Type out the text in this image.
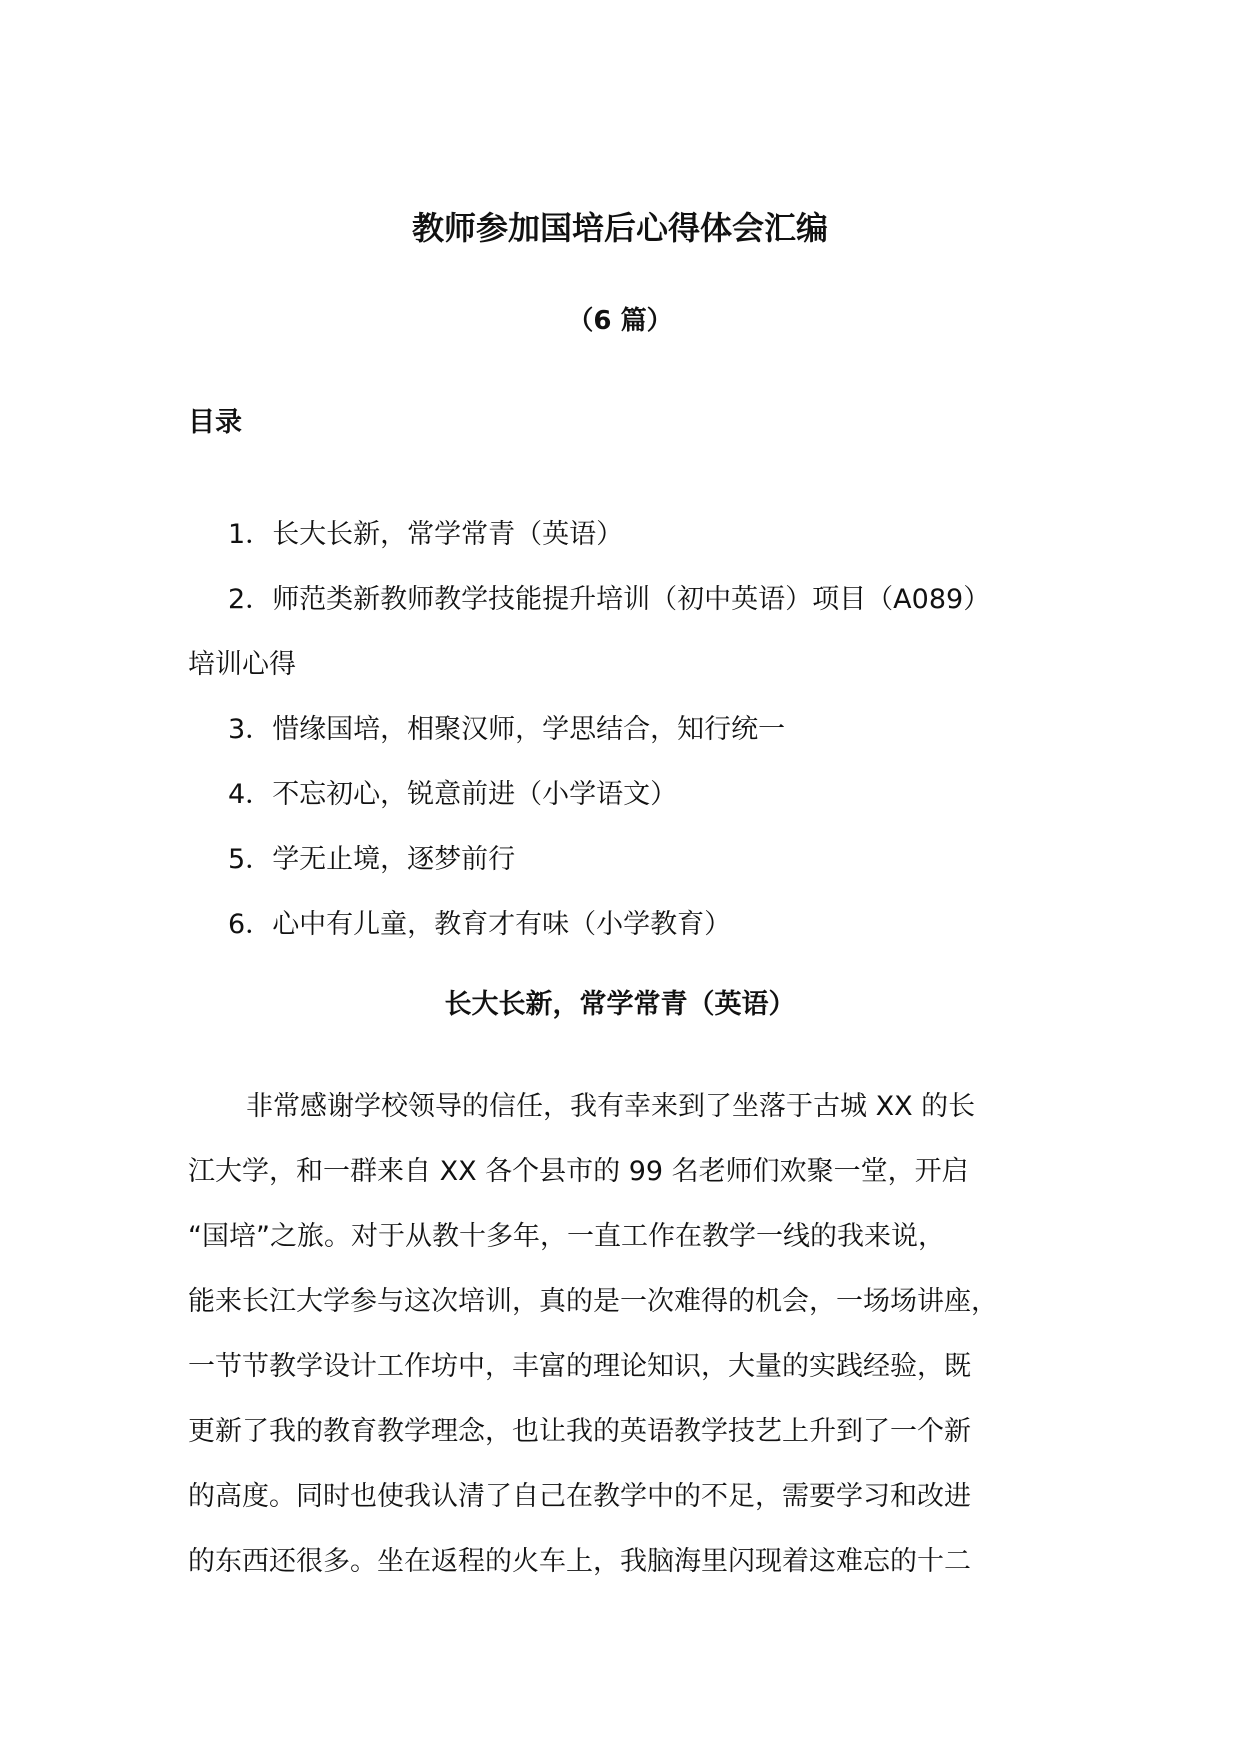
教师参加国培后心得体会汇编
（6 篇）
目录
1．长大长新，常学常青（英语）
2．师范类新教师教学技能提升培训（初中英语）项目（A089）
培训心得
3．惜缘国培，相聚汉师，学思结合，知行统一
4．不忘初心，锐意前进（小学语文）
5．学无止境，逐梦前行
6．心中有儿童，教育才有味（小学教育）
长大长新，常学常青（英语）

非常感谢学校领导的信任，我有幸来到了坐落于古城 XX 的长
江大学，和一群来自 XX 各个县市的 99 名老师们欢聚一堂，开启
“国培”之旅。对于从教十多年，一直工作在教学一线的我来说，
能来长江大学参与这次培训，真的是一次难得的机会，一场场讲座，
一节节教学设计工作坊中，丰富的理论知识，大量的实践经验，既
更新了我的教育教学理念，也让我的英语教学技艺上升到了一个新
的高度。同时也使我认清了自己在教学中的不足，需要学习和改进
的东西还很多。坐在返程的火车上，我脑海里闪现着这难忘的十二
